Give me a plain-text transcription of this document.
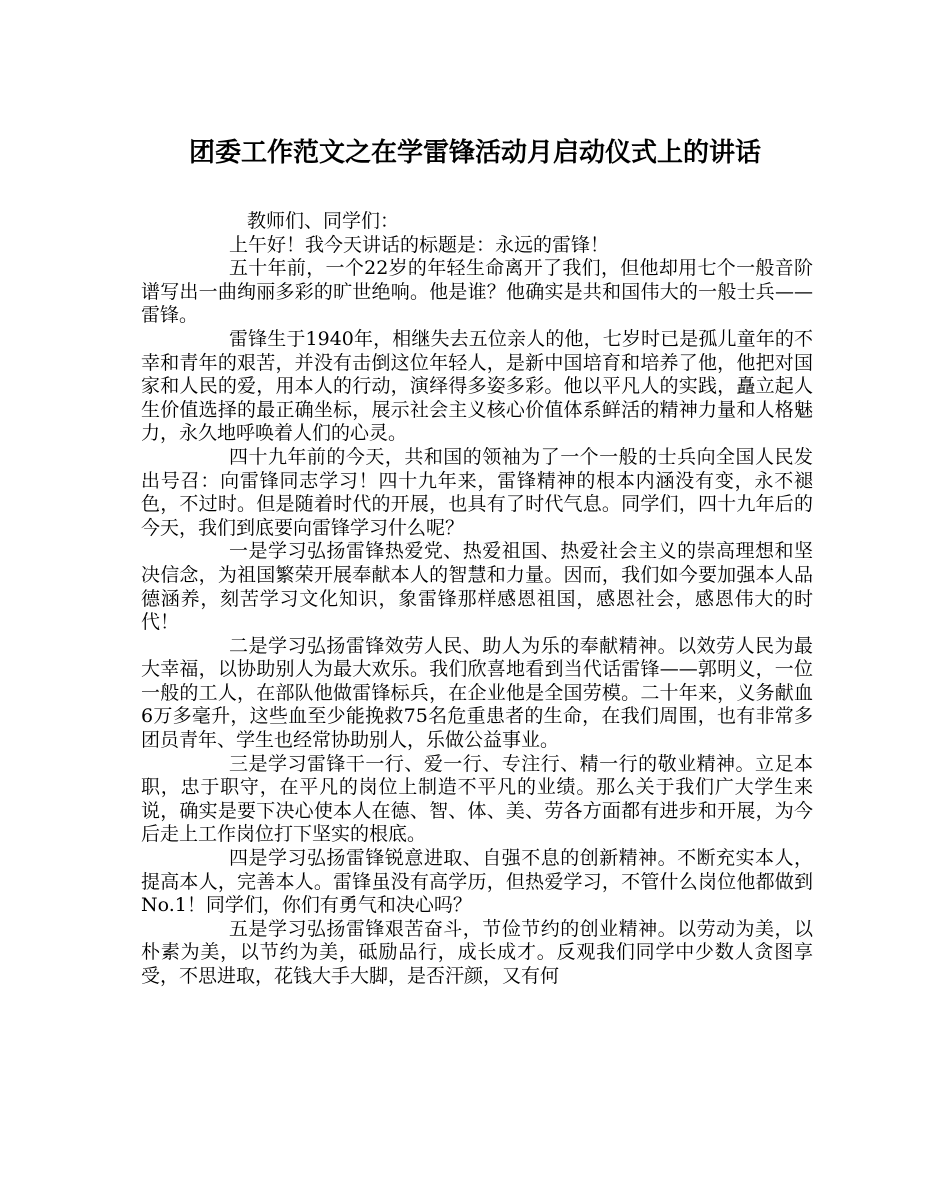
团委工作范文之在学雷锋活动月启动仪式上的讲话

教师们、同学们：

上午好！我今天讲话的标题是：永远的雷锋！

五十年前，一个22岁的年轻生命离开了我们，但他却用七个一般音阶谱写出一曲绚丽多彩的旷世绝响。他是谁？他确实是共和国伟大的一般士兵——雷锋。

雷锋生于1940年，相继失去五位亲人的他，七岁时已是孤儿童年的不幸和青年的艰苦，并没有击倒这位年轻人，是新中国培育和培养了他，他把对国家和人民的爱，用本人的行动，演绎得多姿多彩。他以平凡人的实践，矗立起人生价值选择的最正确坐标，展示社会主义核心价值体系鲜活的精神力量和人格魅力，永久地呼唤着人们的心灵。

四十九年前的今天，共和国的领袖为了一个一般的士兵向全国人民发出号召：向雷锋同志学习！四十九年来，雷锋精神的根本内涵没有变，永不褪色，不过时。但是随着时代的开展，也具有了时代气息。同学们，四十九年后的今天，我们到底要向雷锋学习什么呢？

一是学习弘扬雷锋热爱党、热爱祖国、热爱社会主义的崇高理想和坚决信念，为祖国繁荣开展奉献本人的智慧和力量。因而，我们如今要加强本人品德涵养，刻苦学习文化知识，象雷锋那样感恩祖国，感恩社会，感恩伟大的时代！

二是学习弘扬雷锋效劳人民、助人为乐的奉献精神。以效劳人民为最大幸福，以协助别人为最大欢乐。我们欣喜地看到当代话雷锋——郭明义，一位一般的工人，在部队他做雷锋标兵，在企业他是全国劳模。二十年来，义务献血6万多毫升，这些血至少能挽救75名危重患者的生命，在我们周围，也有非常多团员青年、学生也经常协助别人，乐做公益事业。

三是学习雷锋干一行、爱一行、专注行、精一行的敬业精神。立足本职，忠于职守，在平凡的岗位上制造不平凡的业绩。那么关于我们广大学生来说，确实是要下决心使本人在德、智、体、美、劳各方面都有进步和开展，为今后走上工作岗位打下坚实的根底。

四是学习弘扬雷锋锐意进取、自强不息的创新精神。不断充实本人，提高本人，完善本人。雷锋虽没有高学历，但热爱学习，不管什么岗位他都做到No.1！同学们，你们有勇气和决心吗？

五是学习弘扬雷锋艰苦奋斗，节俭节约的创业精神。以劳动为美，以朴素为美，以节约为美，砥励品行，成长成才。反观我们同学中少数人贪图享受，不思进取，花钱大手大脚，是否汗颜，又有何
